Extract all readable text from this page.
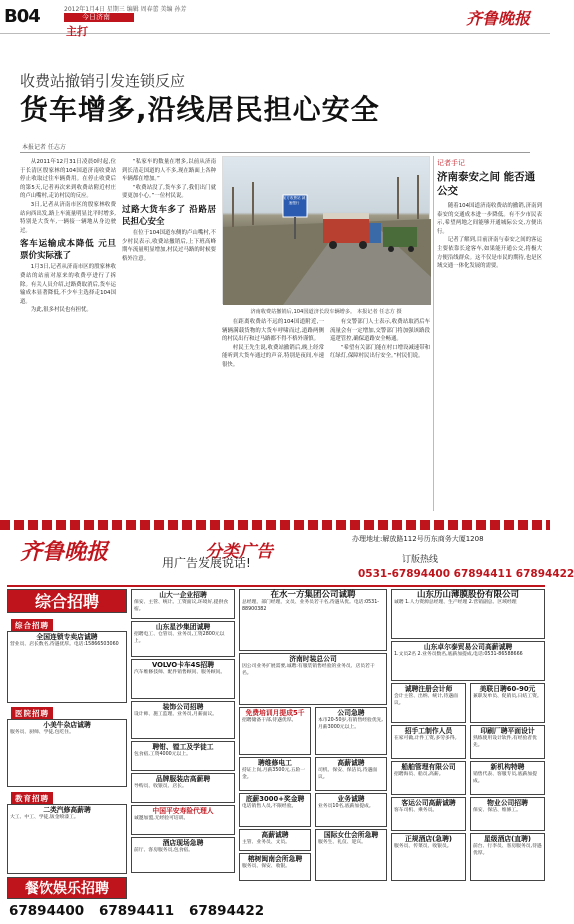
B04	2012年1月4日 星期三 编辑 周春蕾 美编 孙芳
今日济南
主打
齐鲁晚报
收费站撤销引发连锁反应
货车增多,沿线居民担心安全
本报记者 任志方

从2011年12月31日凌晨0时起,位于长清区殷家林的104国道济南收费站停止收取过往车辆费用。在停止收费后的第5天,记者再次来到收费站附近村庄的卢山嘴村,走访村民的反应。

3日,记者从济南市区的殷家林收费站向西出发,路上车流量明显比平时增多,特别是大货车,一辆接一辆地从身边驶过。

客车运输成本降低 元旦票价实际涨了

1月3日,记者从济南市区的殷家林收费站的站前对原来的收费亭进行了拆除。有关人员介绍,过路费取消后,货车运输成本显著降低,不少车主选择走104国道。

为此,很多村民也有担忧。

“私家车的数量在增多,以前从济南到长清走国道的人不多,现在路面上各种车辆都在增加。”

“收费站没了,货车多了,我们出门就要更加小心。”一位村民说。

过路大货车多了 沿路居民担心安全

在位于104国道东侧的卢山嘴村,不少村民表示,收费站撤销后,上下班高峰期车流量明显增加,村民过马路的时候要格外注意。

前方收费站 减速慢行
济南收费站撤销后,104国道济长段车辆增多。 本报记者 任志方 摄

在距离收费站不远的104国道附近,一辆辆满载货物的大货车呼啸而过,道路两侧的村民出行和过马路都不得不格外谨慎。

村民王先生说,收费站撤销后,晚上经常能听到大货车通过的声音,特别是夜间,车速很快。

有交警部门人士表示,收费站取消后车流量会有一定增加,交警部门将加强该路段巡逻管控,确保道路安全畅通。

“希望有关部门能在村口增设减速带和红绿灯,保障村民出行安全。”村民们说。

记者手记
济南泰安之间 能否通公交

随着104国道济南收费站的撤销,济南到泰安的交通成本进一步降低。有不少市民表示,希望两地之间能够开通城际公交,方便出行。

记者了解到,目前济南与泰安之间的客运主要依靠长途客车,如果能开通公交,将极大方便沿线群众。这不仅是市民的期待,也是区域交通一体化发展的需要。

齐鲁晚报	分类广告
办理地址:解放路112号历东商务大厦1208
用广告发展说话!	订版热线
0531-67894400 67894411 67894422
综合招聘
综合招聘
医院招聘
教育招聘
餐饮娱乐招聘
全国连锁专卖店诚聘
营业员、店长数名,待遇优厚。电话:15866503060
小美牛杂店诚聘
服务员、厨师、学徒,包吃住。
二类汽修高薪聘
大工、中工、学徒,钣金喷漆工。
山大一企业招聘
保安、主管、统计。工资面议,环境好,提供食宿。
山东星沙集团诚聘
招聘电工、仓管员、业务员,工资2800元以上。
VOLVO卡车4S招聘
汽车维修技师、配件销售顾问、服务顾问。
装饰公司招聘
设计师、施工监理、业务员,月薪面议。
聘钳、镗工及学徒工
包食宿,工资4000元以上。
品牌服装店高薪聘
导购员、收银员、店长。
中国平安寿险代理人
诚邀加盟,无经验可培训。
酒店现场急聘
前厅、客房服务员,包食宿。
在水一方集团公司诚聘
总经理、部门经理、文员、业务员若干名,待遇从优。电话:0531-88900382
济南时装总公司
因公司业务扩展需要,诚聘:有服装销售经验的业务员、店员若干名。
免费培训月提成5千
招聘储备干部,待遇优厚。
公司急聘
本市20-50岁,有销售经验优先,月薪3000元以上。
聘维修电工
持证上岗,月薪3500元,五险一金。
高薪诚聘
司机、保安、保洁员,待遇面议。
底薪3000+奖金聘
电话销售人员,不限经验。
业务诚聘
业务员10名,底薪加提成。
高薪诚聘
主管、业务员、文员。
榕树闽南会所急聘
服务员、保安、收银。
国际女仕会所急聘
服务生、礼仪、迎宾。
山东历山薄膜股份有限公司
诚聘 1.人力资源总经理、生产经理 2.营销副总、区域经理
山东卓尔泰贸易公司高薪诚聘
1.文员2名 2.业务员数名,底薪加提成,电话:0531-86588666
诚聘注册会计师
会计主管、出纳、统计,待遇面议。
美联日聘60-90元
兼职发单员、促销员,日结工资。
招手工制作人员
在家可做,计件工资,多劳多得。
印刷厂聘平面设计
熟练使用设计软件,有经验者优先。
船舶管理有限公司
招聘海员、船员,高薪。
新机构特聘
销售代表、客服专员,底薪加提成。
客运公司高薪诚聘
客车司机、乘务员。
物业公司招聘
保安、保洁、维修工。
正规酒店(急聘)
服务员、传菜员、收银员。
星级酒店(直聘)
前台、行李员、客房服务员,待遇优厚。
67894400 67894411 67894422
